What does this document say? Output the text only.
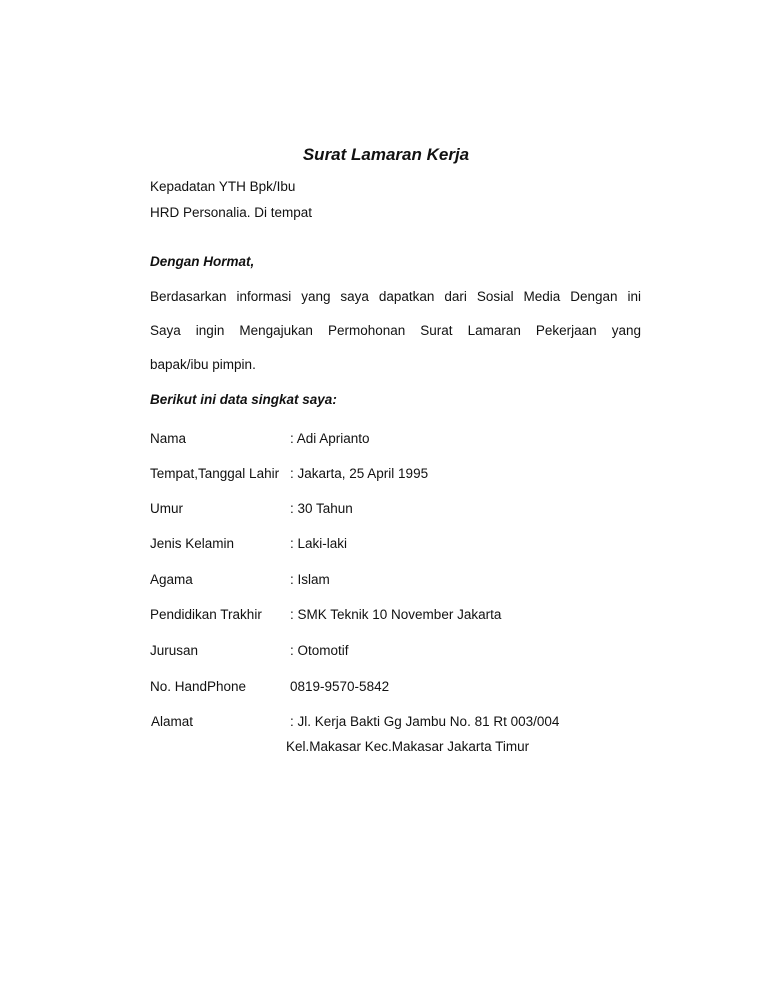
Surat Lamaran Kerja
Kepadatan YTH Bpk/Ibu
HRD Personalia. Di tempat
Dengan Hormat,
Berdasarkan informasi yang saya dapatkan dari Sosial Media Dengan ini
Saya ingin Mengajukan Permohonan Surat Lamaran Pekerjaan yang
bapak/ibu pimpin.
Berikut ini data singkat saya:
Nama	: Adi Aprianto
Tempat,Tanggal Lahir : Jakarta, 25 April 1995
Umur	: 30 Tahun
Jenis Kelamin	: Laki-laki
Agama	: Islam
Pendidikan Trakhir : SMK Teknik 10 November Jakarta
Jurusan	: Otomotif
No. HandPhone	0819-9570-5842
Alamat	: Jl. Kerja Bakti Gg Jambu No. 81 Rt 003/004
Kel.Makasar Kec.Makasar Jakarta Timur
